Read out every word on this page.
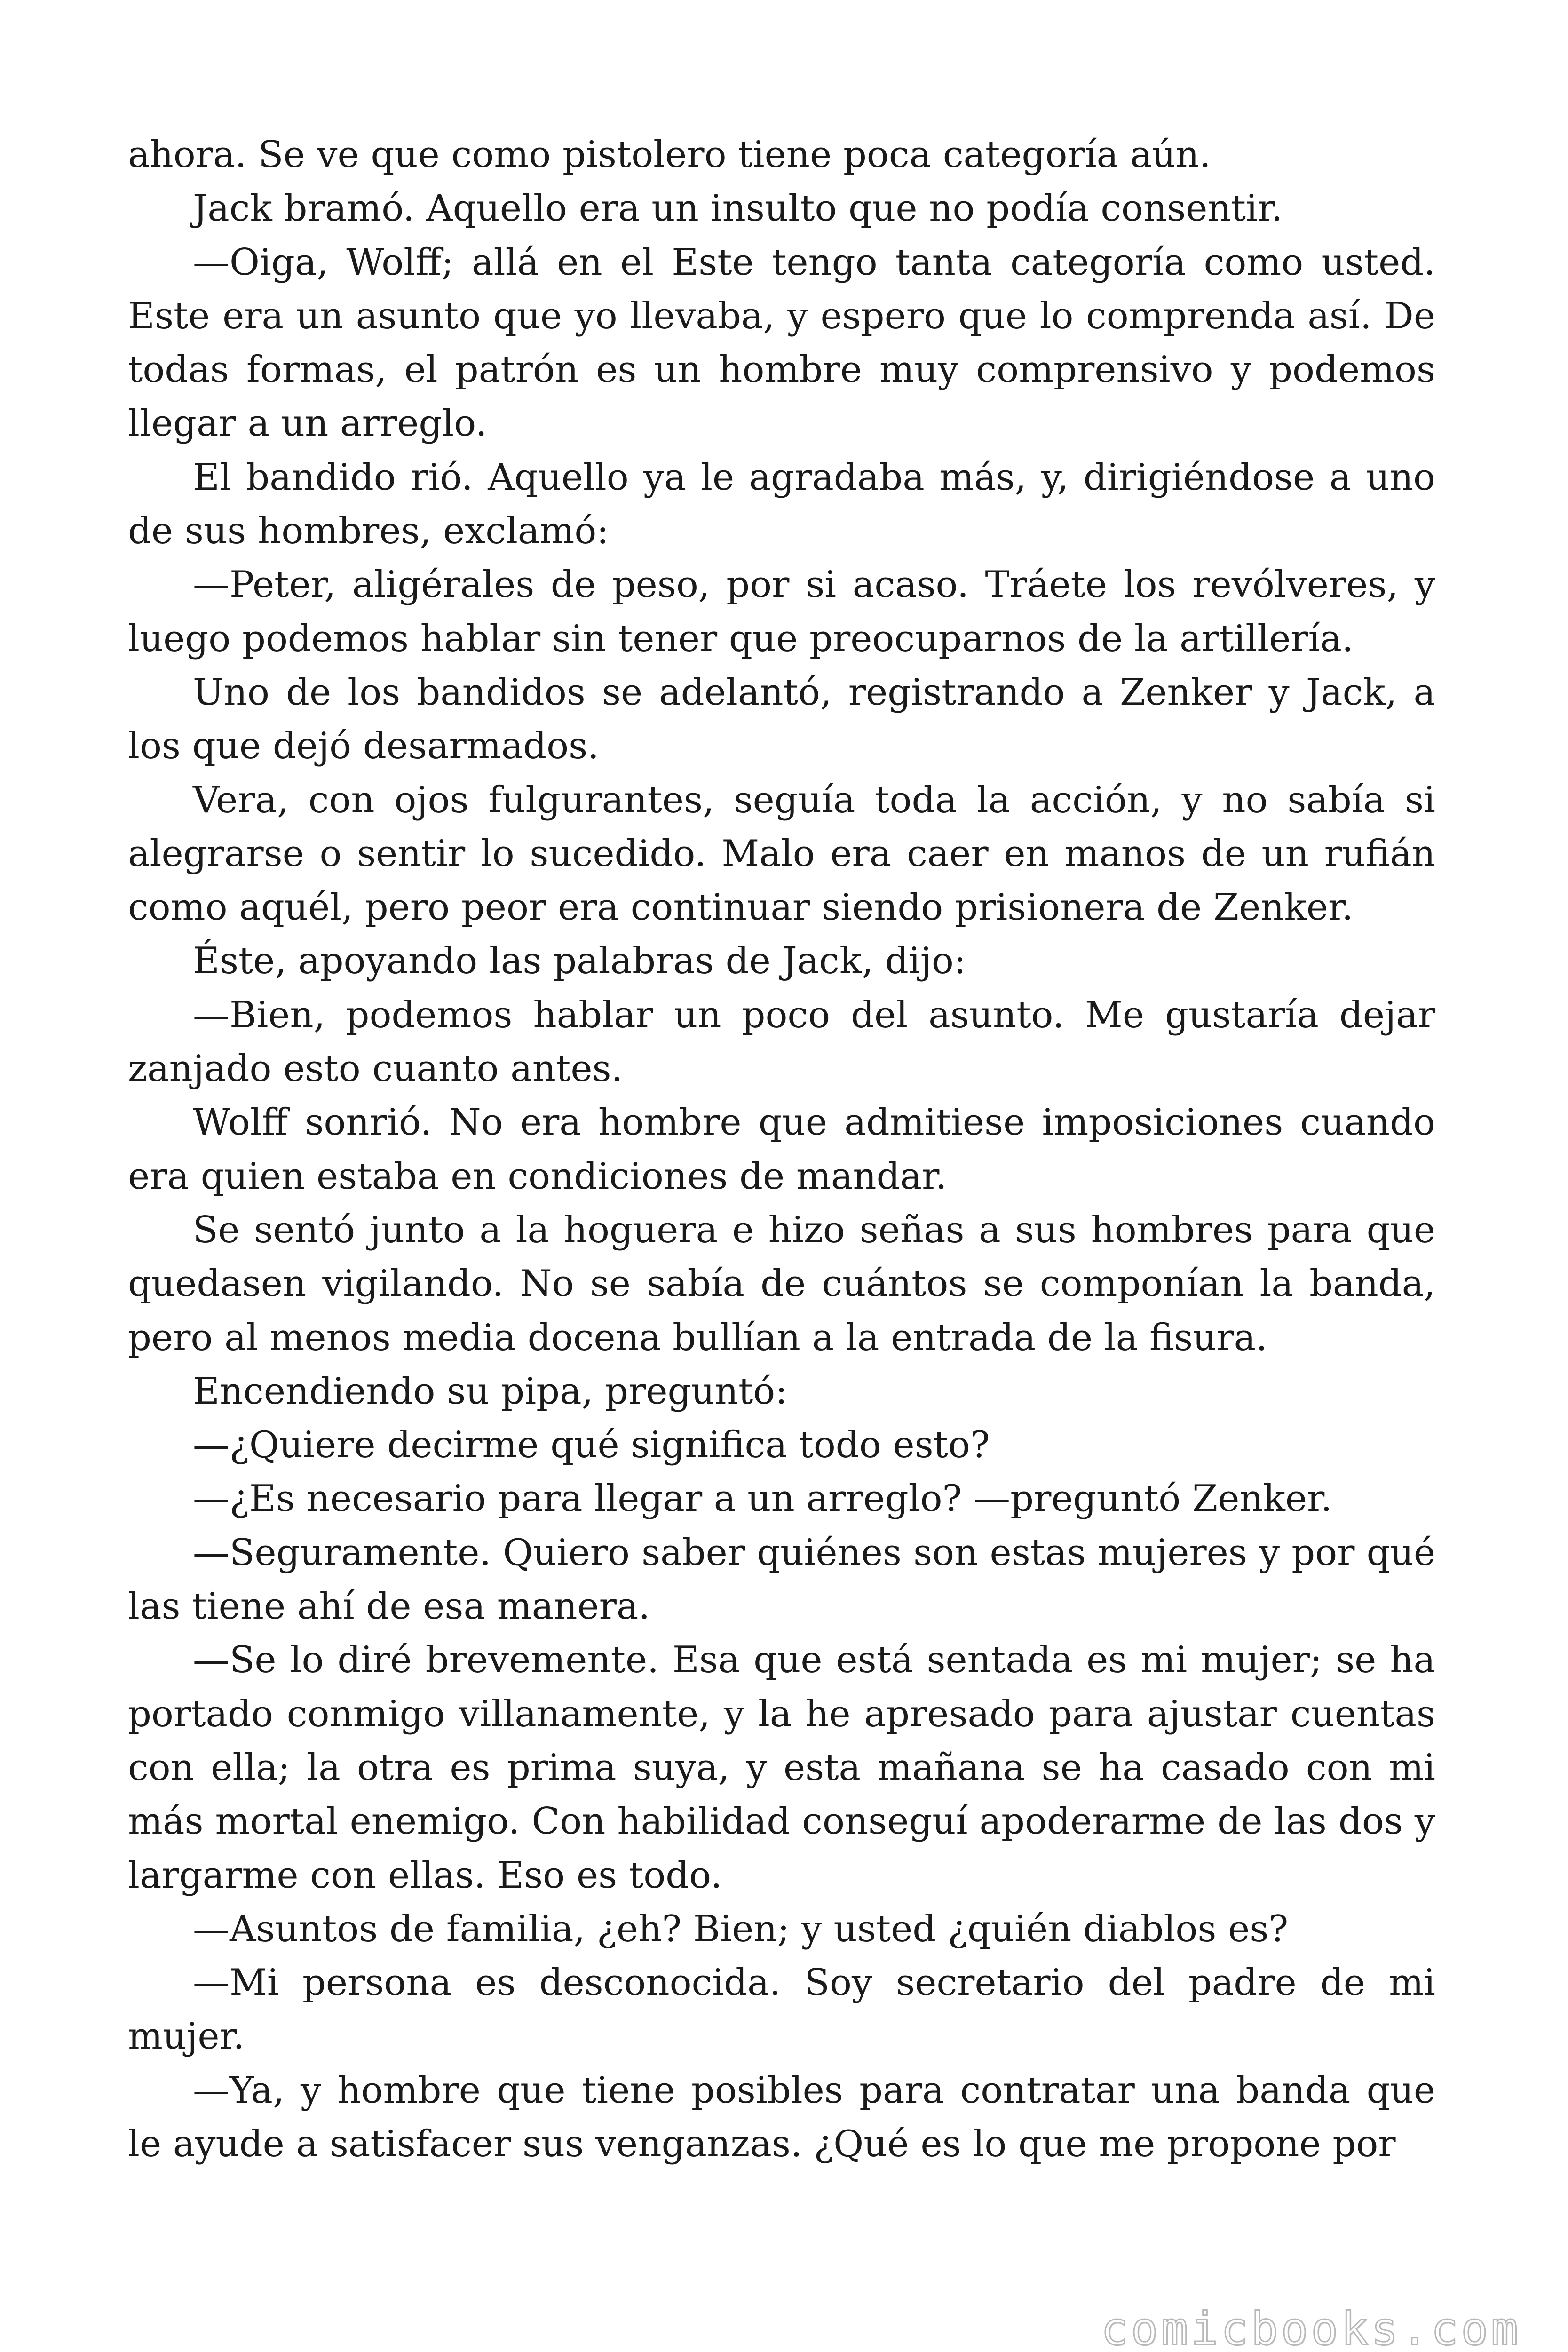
ahora. Se ve que como pistolero tiene poca categoría aún.

Jack bramó. Aquello era un insulto que no podía consentir.

—Oiga, Wolff; allá en el Este tengo tanta categoría como usted. Este era un asunto que yo llevaba, y espero que lo comprenda así. De todas formas, el patrón es un hombre muy comprensivo y podemos llegar a un arreglo.

El bandido rió. Aquello ya le agradaba más, y, dirigiéndose a uno de sus hombres, exclamó:

—Peter, aligérales de peso, por si acaso. Tráete los revólveres, y luego podemos hablar sin tener que preocuparnos de la artillería.

Uno de los bandidos se adelantó, registrando a Zenker y Jack, a los que dejó desarmados.

Vera, con ojos fulgurantes, seguía toda la acción, y no sabía si alegrarse o sentir lo sucedido. Malo era caer en manos de un rufián como aquél, pero peor era continuar siendo prisionera de Zenker.

Éste, apoyando las palabras de Jack, dijo:

—Bien, podemos hablar un poco del asunto. Me gustaría dejar zanjado esto cuanto antes.

Wolff sonrió. No era hombre que admitiese imposiciones cuando era quien estaba en condiciones de mandar.

Se sentó junto a la hoguera e hizo señas a sus hombres para que quedasen vigilando. No se sabía de cuántos se componían la banda, pero al menos media docena bullían a la entrada de la fisura.

Encendiendo su pipa, preguntó:

—¿Quiere decirme qué significa todo esto?

—¿Es necesario para llegar a un arreglo? —preguntó Zenker.

—Seguramente. Quiero saber quiénes son estas mujeres y por qué las tiene ahí de esa manera.

—Se lo diré brevemente. Esa que está sentada es mi mujer; se ha portado conmigo villanamente, y la he apresado para ajustar cuentas con ella; la otra es prima suya, y esta mañana se ha casado con mi más mortal enemigo. Con habilidad conseguí apoderarme de las dos y largarme con ellas. Eso es todo.

—Asuntos de familia, ¿eh? Bien; y usted ¿quién diablos es?

—Mi persona es desconocida. Soy secretario del padre de mi mujer.

—Ya, y hombre que tiene posibles para contratar una banda que le ayude a satisfacer sus venganzas. ¿Qué es lo que me propone por

comicbooks.com
